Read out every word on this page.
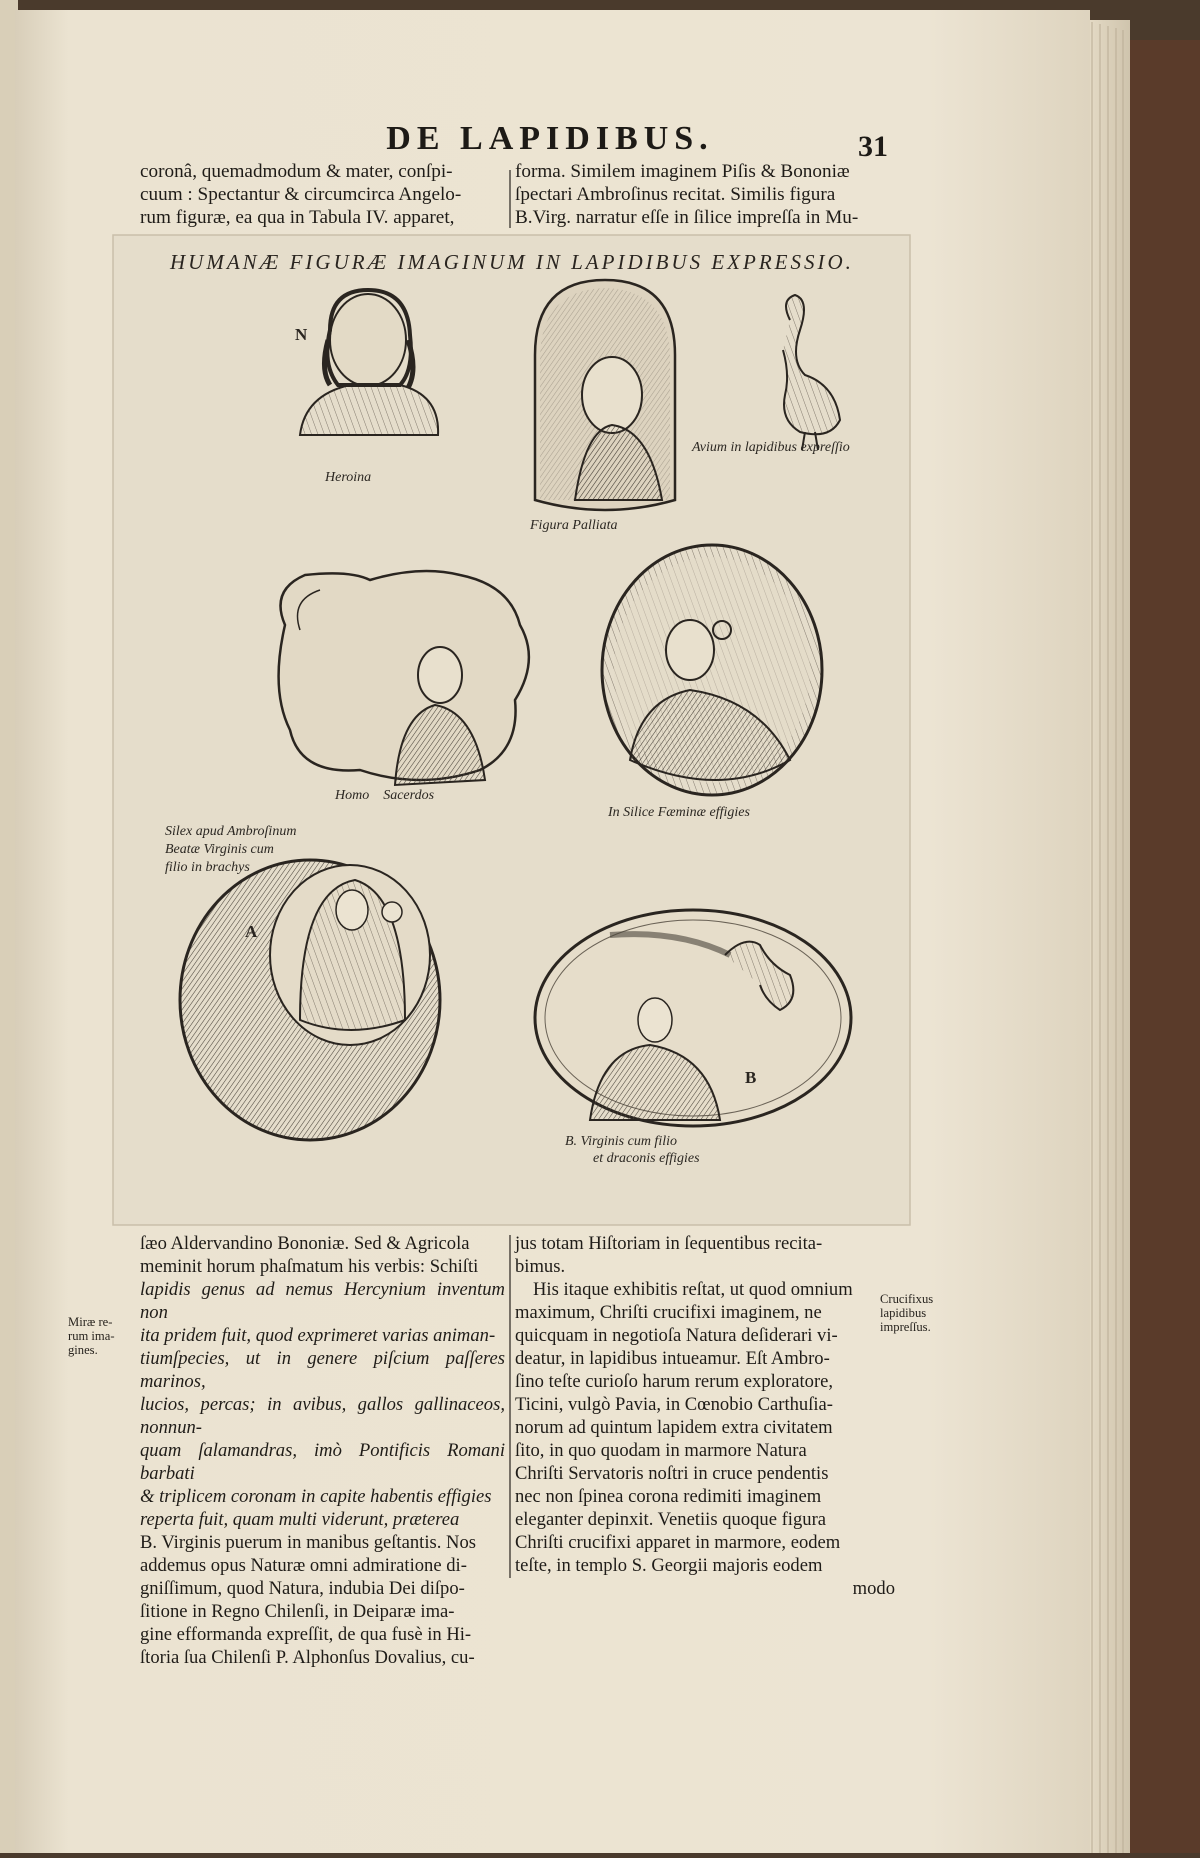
DE LAPIDIBUS.	31

coronâ, quemadmodum & mater, conſpi-

cuum : Spectantur & circumcirca Angelo-

rum figuræ, ea qua in Tabula IV. apparet,

forma. Similem imaginem Piſis & Bononiæ

ſpectari Ambroſinus recitat. Similis figura

B.Virg. narratur eſſe in ſilice impreſſa in Mu-

HUMANÆ FIGURÆ IMAGINUM IN LAPIDIBUS EXPRESSIO.
N
Heroina
Figura Palliata
Avium in lapidibus expreſſio
Homo    Sacerdos
In Silice Fæminæ effigies
Silex apud Ambroſinum
Beatæ Virginis cum
filio in brachys
A
B
B. Virginis cum filio
et draconis effigies

ſæo Aldervandino Bononiæ. Sed & Agricola

meminit horum phaſmatum his verbis: Schiſti

lapidis genus ad nemus Hercynium inventum non

ita pridem fuit, quod exprimeret varias animan-

tiumſpecies, ut in genere piſcium paſſeres marinos,

lucios, percas; in avibus, gallos gallinaceos, nonnun-

quam ſalamandras, imò Pontificis Romani barbati

& triplicem coronam in capite habentis effigies

reperta fuit, quam multi viderunt, præterea

B. Virginis puerum in manibus geſtantis. Nos

addemus opus Naturæ omni admiratione di-

gniſſimum, quod Natura, indubia Dei diſpo-

ſitione in Regno Chilenſi, in Deiparæ ima-

gine efformanda expreſſit, de qua fusè in Hi-

ſtoria ſua Chilenſi P. Alphonſus Dovalius, cu-

jus totam Hiſtoriam in ſequentibus recita-

bimus.

His itaque exhibitis reſtat, ut quod omnium

maximum, Chriſti crucifixi imaginem, ne

quicquam in negotioſa Natura deſiderari vi-

deatur, in lapidibus intueamur. Eſt Ambro-

ſino teſte curioſo harum rerum exploratore,

Ticini, vulgò Pavia, in Cœnobio Carthuſia-

norum ad quintum lapidem extra civitatem

ſito, in quo quodam in marmore Natura

Chriſti Servatoris noſtri in cruce pendentis

nec non ſpinea corona redimiti imaginem

eleganter depinxit. Venetiis quoque figura

Chriſti crucifixi apparet in marmore, eodem

teſte, in templo S. Georgii majoris eodem

modo

Miræ re-
rum ima-
gines.
Crucifixus
lapidibus
impreſſus.
